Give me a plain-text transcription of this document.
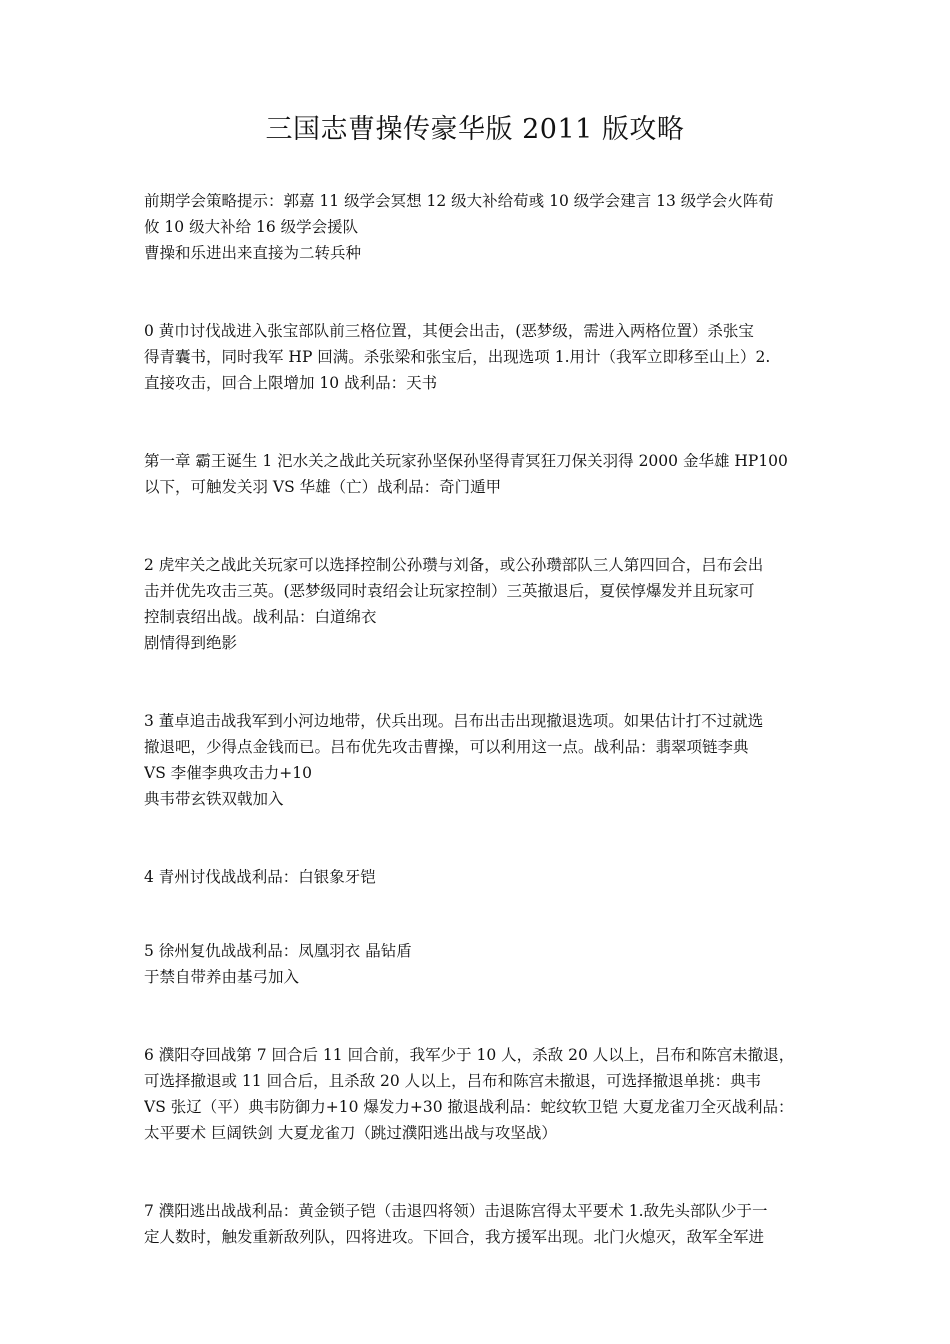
三国志曹操传豪华版 2011 版攻略

前期学会策略提示：郭嘉 11 级学会冥想 12 级大补给荀彧 10 级学会建言 13 级学会火阵荀
攸 10 级大补给 16 级学会援队
曹操和乐进出来直接为二转兵种

0 黄巾讨伐战进入张宝部队前三格位置，其便会出击，(恶梦级，需进入两格位置）杀张宝
得青囊书，同时我军 HP 回满。杀张梁和张宝后，出现选项 1.用计（我军立即移至山上）2.
直接攻击，回合上限增加 10 战利品：天书

第一章 霸王诞生 1 汜水关之战此关玩家孙坚保孙坚得青冥狂刀保关羽得 2000 金华雄 HP100
以下，可触发关羽 VS 华雄（亡）战利品：奇门遁甲

2 虎牢关之战此关玩家可以选择控制公孙瓒与刘备，或公孙瓒部队三人第四回合，吕布会出
击并优先攻击三英。(恶梦级同时袁绍会让玩家控制）三英撤退后，夏侯惇爆发并且玩家可
控制袁绍出战。战利品：白道绵衣
剧情得到绝影

3 董卓追击战我军到小河边地带，伏兵出现。吕布出击出现撤退选项。如果估计打不过就选
撤退吧，少得点金钱而已。吕布优先攻击曹操，可以利用这一点。战利品：翡翠项链李典
VS 李催李典攻击力+10
典韦带玄铁双戟加入

4 青州讨伐战战利品：白银象牙铠

5 徐州复仇战战利品：凤凰羽衣 晶钻盾
于禁自带养由基弓加入

6 濮阳夺回战第 7 回合后 11 回合前，我军少于 10 人，杀敌 20 人以上，吕布和陈宫未撤退，
可选择撤退或 11 回合后，且杀敌 20 人以上，吕布和陈宫未撤退，可选择撤退单挑：典韦
VS 张辽（平）典韦防御力+10 爆发力+30 撤退战利品：蛇纹软卫铠 大夏龙雀刀全灭战利品：
太平要术 巨阔铁剑 大夏龙雀刀（跳过濮阳逃出战与攻坚战）

7 濮阳逃出战战利品：黄金锁子铠（击退四将领）击退陈宫得太平要术 1.敌先头部队少于一
定人数时，触发重新敌列队，四将进攻。下回合，我方援军出现。北门火熄灭，敌军全军进
